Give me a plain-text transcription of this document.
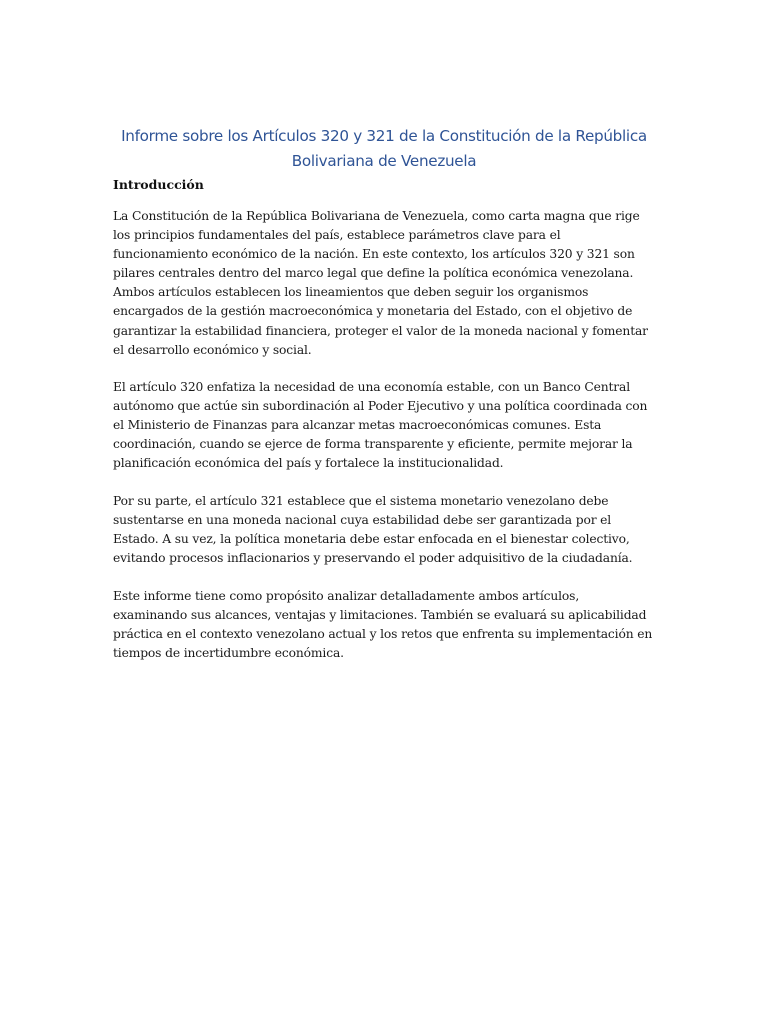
Informe sobre los Artículos 320 y 321 de la Constitución de la República Bolivariana de Venezuela
Introducción

La Constitución de la República Bolivariana de Venezuela, como carta magna que rige los principios fundamentales del país, establece parámetros clave para el funcionamiento económico de la nación. En este contexto, los artículos 320 y 321 son pilares centrales dentro del marco legal que define la política económica venezolana. Ambos artículos establecen los lineamientos que deben seguir los organismos encargados de la gestión macroeconómica y monetaria del Estado, con el objetivo de garantizar la estabilidad financiera, proteger el valor de la moneda nacional y fomentar el desarrollo económico y social.

El artículo 320 enfatiza la necesidad de una economía estable, con un Banco Central autónomo que actúe sin subordinación al Poder Ejecutivo y una política coordinada con el Ministerio de Finanzas para alcanzar metas macroeconómicas comunes. Esta coordinación, cuando se ejerce de forma transparente y eficiente, permite mejorar la planificación económica del país y fortalece la institucionalidad.

Por su parte, el artículo 321 establece que el sistema monetario venezolano debe sustentarse en una moneda nacional cuya estabilidad debe ser garantizada por el Estado. A su vez, la política monetaria debe estar enfocada en el bienestar colectivo, evitando procesos inflacionarios y preservando el poder adquisitivo de la ciudadanía.

Este informe tiene como propósito analizar detalladamente ambos artículos, examinando sus alcances, ventajas y limitaciones. También se evaluará su aplicabilidad práctica en el contexto venezolano actual y los retos que enfrenta su implementación en tiempos de incertidumbre económica.
